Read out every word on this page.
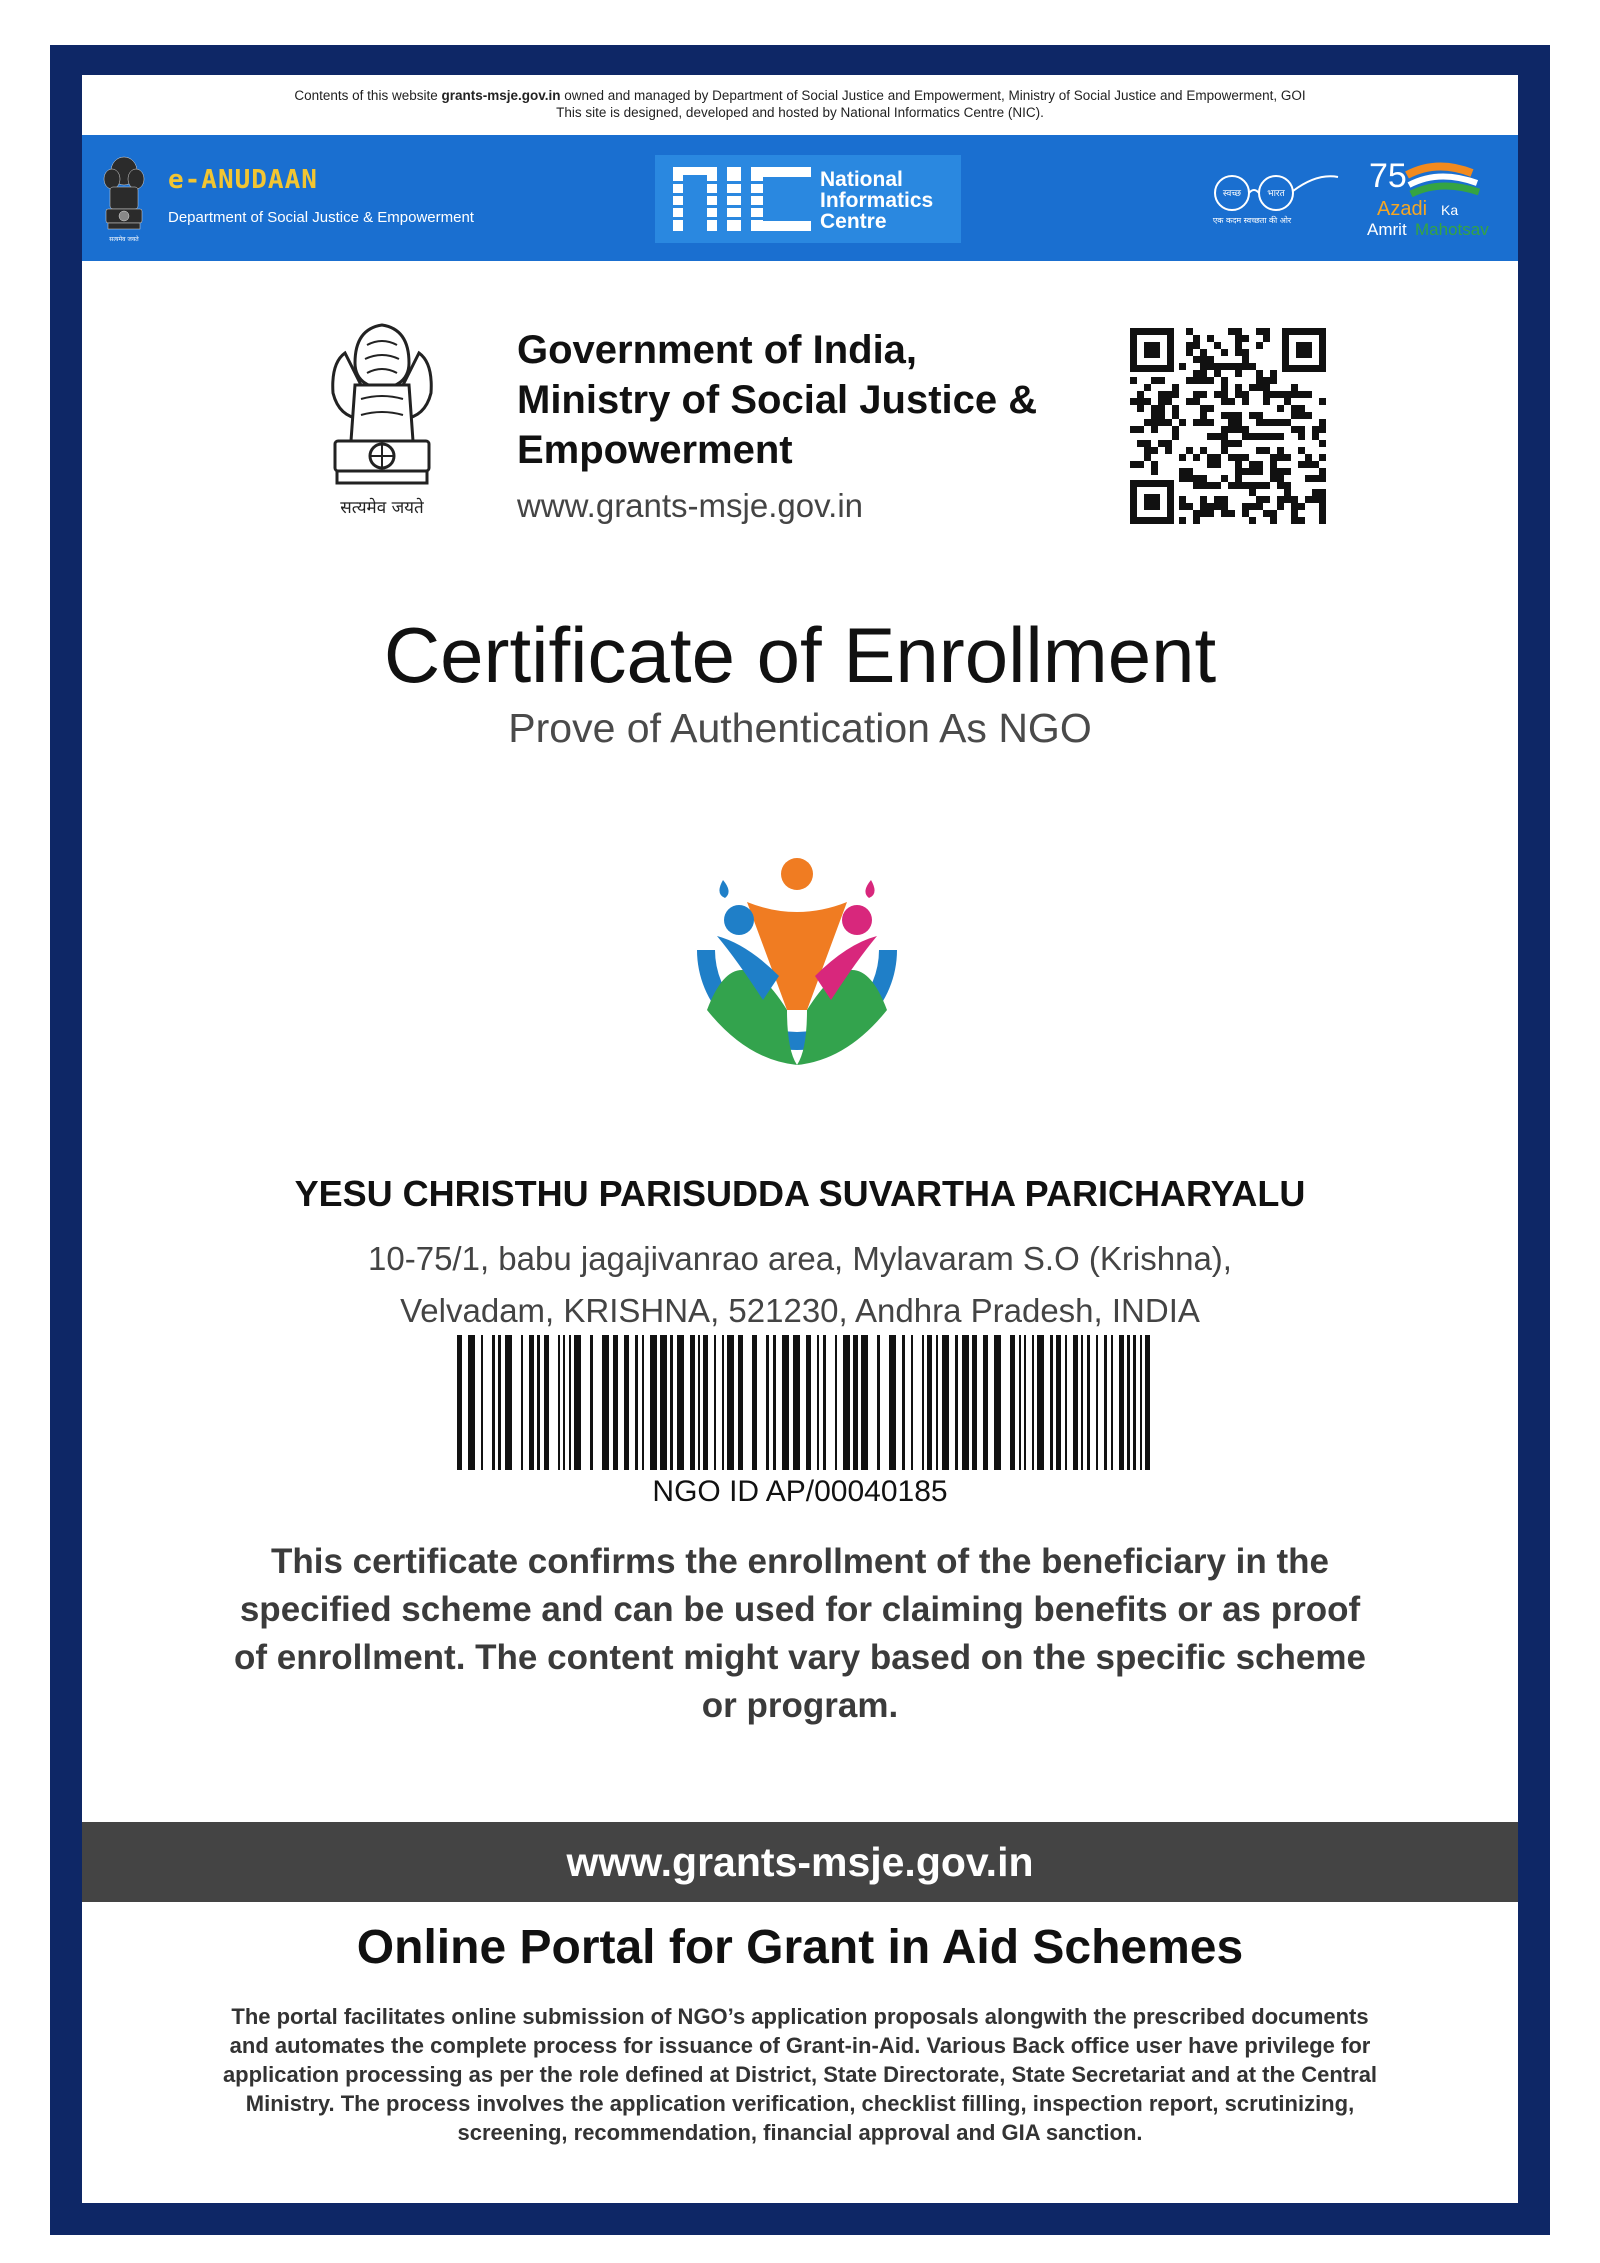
Contents of this website grants-msje.gov.in owned and managed by Department of Social Justice and Empowerment, Ministry of Social Justice and Empowerment, GOI
This site is designed, developed and hosted by National Informatics Centre (NIC).
सत्यमेव जयते
e-ANUDAAN
Department of Social Justice & Empowerment
National
Informatics
Centre
स्वच्छ	भारत
एक कदम स्वच्छता की ओर
75
Azadi Ka
Amrit Mahotsav
सत्यमेव जयते
Government of India,
Ministry of Social Justice &
Empowerment
www.grants-msje.gov.in
Certificate of Enrollment
Prove of Authentication As NGO
YESU CHRISTHU PARISUDDA SUVARTHA PARICHARYALU
10-75/1, babu jagajivanrao area, Mylavaram S.O (Krishna),
Velvadam, KRISHNA, 521230, Andhra Pradesh, INDIA
NGO ID AP/00040185
This certificate confirms the enrollment of the beneficiary in the specified scheme and can be used for claiming benefits or as proof of enrollment. The content might vary based on the specific scheme or program.
www.grants-msje.gov.in
Online Portal for Grant in Aid Schemes
The portal facilitates online submission of NGO’s application proposals alongwith the prescribed documents and automates the complete process for issuance of Grant-in-Aid. Various Back office user have privilege for application processing as per the role defined at District, State Directorate, State Secretariat and at the Central Ministry. The process involves the application verification, checklist filling, inspection report, scrutinizing, screening, recommendation, financial approval and GIA sanction.
